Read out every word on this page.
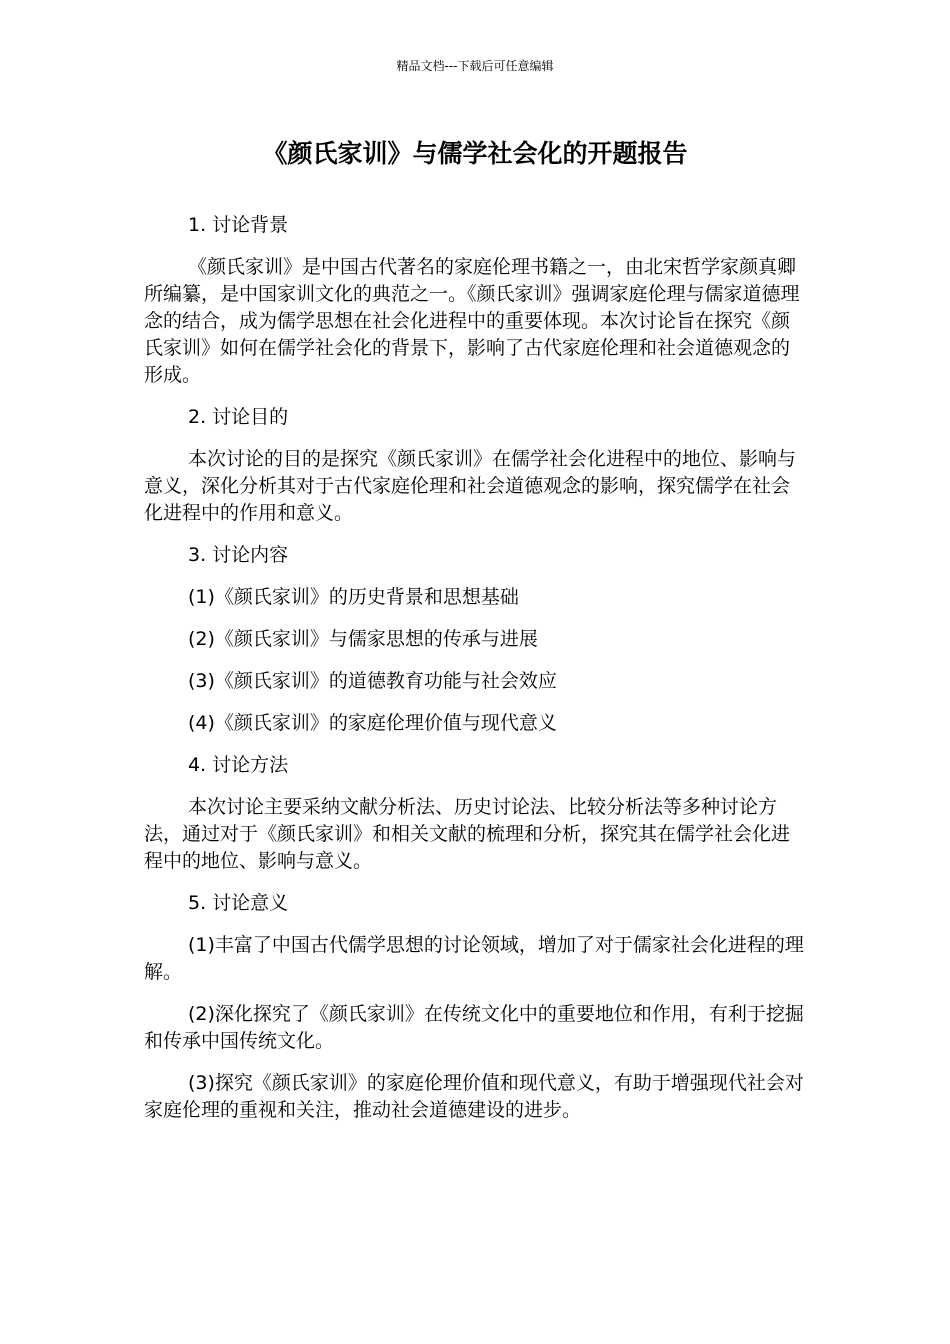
精品文档---下载后可任意编辑
《颜氏家训》与儒学社会化的开题报告

1. 讨论背景

《颜氏家训》是中国古代著名的家庭伦理书籍之一，由北宋哲学家颜真卿所编纂，是中国家训文化的典范之一。《颜氏家训》强调家庭伦理与儒家道德理念的结合，成为儒学思想在社会化进程中的重要体现。本次讨论旨在探究《颜氏家训》如何在儒学社会化的背景下，影响了古代家庭伦理和社会道德观念的形成。

2. 讨论目的

本次讨论的目的是探究《颜氏家训》在儒学社会化进程中的地位、影响与意义，深化分析其对于古代家庭伦理和社会道德观念的影响，探究儒学在社会化进程中的作用和意义。

3. 讨论内容

(1)《颜氏家训》的历史背景和思想基础

(2)《颜氏家训》与儒家思想的传承与进展

(3)《颜氏家训》的道德教育功能与社会效应

(4)《颜氏家训》的家庭伦理价值与现代意义

4. 讨论方法

本次讨论主要采纳文献分析法、历史讨论法、比较分析法等多种讨论方法，通过对于《颜氏家训》和相关文献的梳理和分析，探究其在儒学社会化进程中的地位、影响与意义。

5. 讨论意义

(1)丰富了中国古代儒学思想的讨论领域，增加了对于儒家社会化进程的理解。

(2)深化探究了《颜氏家训》在传统文化中的重要地位和作用，有利于挖掘和传承中国传统文化。

(3)探究《颜氏家训》的家庭伦理价值和现代意义，有助于增强现代社会对家庭伦理的重视和关注，推动社会道德建设的进步。
